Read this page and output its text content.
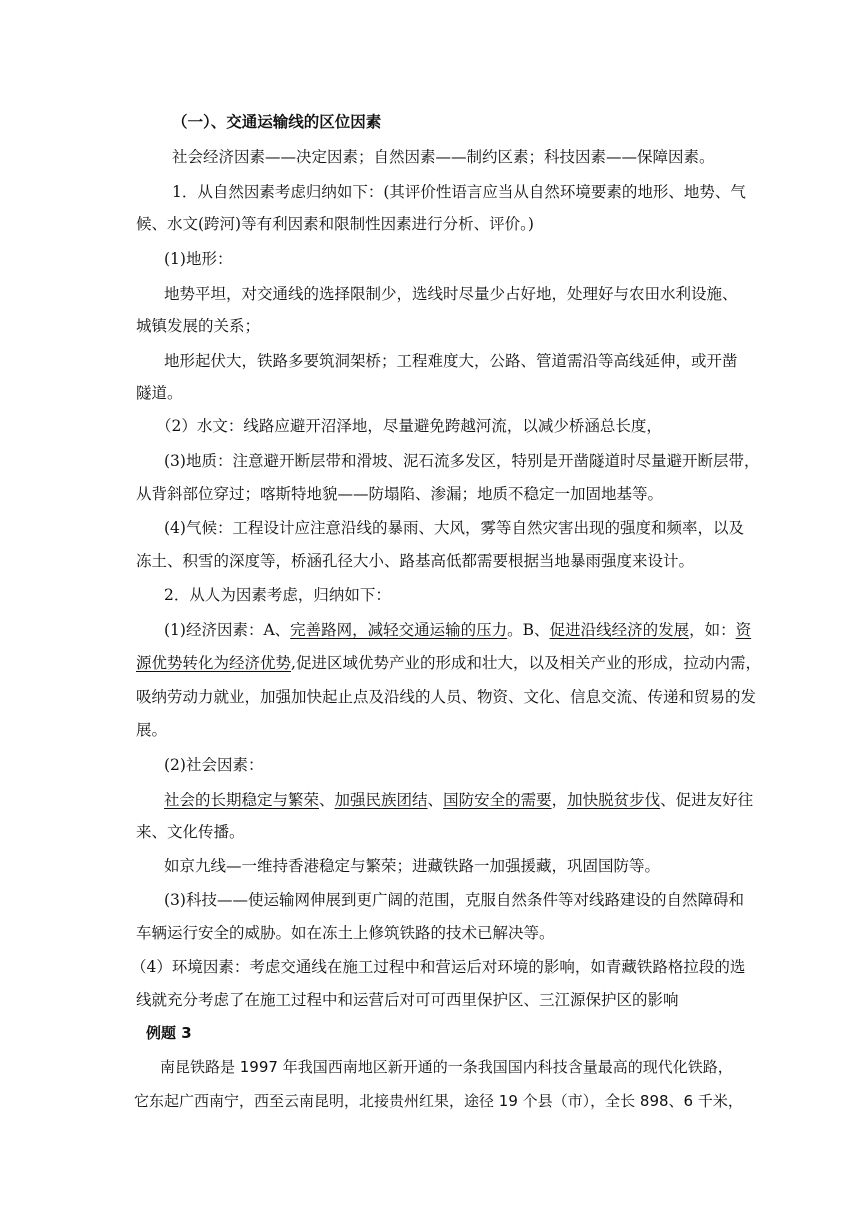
（一）、交通运输线的区位因素
社会经济因素——决定因素；自然因素——制约区素；科技因素——保障因素。
1．从自然因素考虑归纳如下：(其评价性语言应当从自然环境要素的地形、地势、气
候、水文(跨河)等有利因素和限制性因素进行分析、评价。)
(1)地形：
地势平坦，对交通线的选择限制少，选线时尽量少占好地，处理好与农田水利设施、
城镇发展的关系；
地形起伏大，铁路多要筑洞架桥；工程难度大，公路、管道需沿等高线延伸，或开凿
隧道。
（2）水文：线路应避开沼泽地，尽量避免跨越河流，以减少桥涵总长度，
(3)地质：注意避开断层带和滑坡、泥石流多发区，特别是开凿隧道时尽量避开断层带，
从背斜部位穿过；喀斯特地貌——防塌陷、渗漏；地质不稳定一加固地基等。
(4)气候：工程设计应注意沿线的暴雨、大风，雾等自然灾害出现的强度和频率，以及
冻土、积雪的深度等，桥涵孔径大小、路基高低都需要根据当地暴雨强度来设计。
2．从人为因素考虑，归纳如下：
(1)经济因素：A、完善路网，减轻交通运输的压力。B、促进沿线经济的发展，如：资
源优势转化为经济优势,促进区域优势产业的形成和壮大，以及相关产业的形成，拉动内需，
吸纳劳动力就业，加强加快起止点及沿线的人员、物资、文化、信息交流、传递和贸易的发
展。
(2)社会因素：
社会的长期稳定与繁荣、加强民族团结、国防安全的需要，加快脱贫步伐、促进友好往
来、文化传播。
如京九线—一维持香港稳定与繁荣；进藏铁路一加强援藏，巩固国防等。
(3)科技——使运输网伸展到更广阔的范围，克服自然条件等对线路建设的自然障碍和
车辆运行安全的威胁。如在冻土上修筑铁路的技术已解决等。
（4）环境因素：考虑交通线在施工过程中和营运后对环境的影响，如青藏铁路格拉段的选
线就充分考虑了在施工过程中和运营后对可可西里保护区、三江源保护区的影响
例题 3
南昆铁路是 1997 年我国西南地区新开通的一条我国国内科技含量最高的现代化铁路，
它东起广西南宁，西至云南昆明，北接贵州红果，途径 19 个县（市），全长 898、6 千米，
